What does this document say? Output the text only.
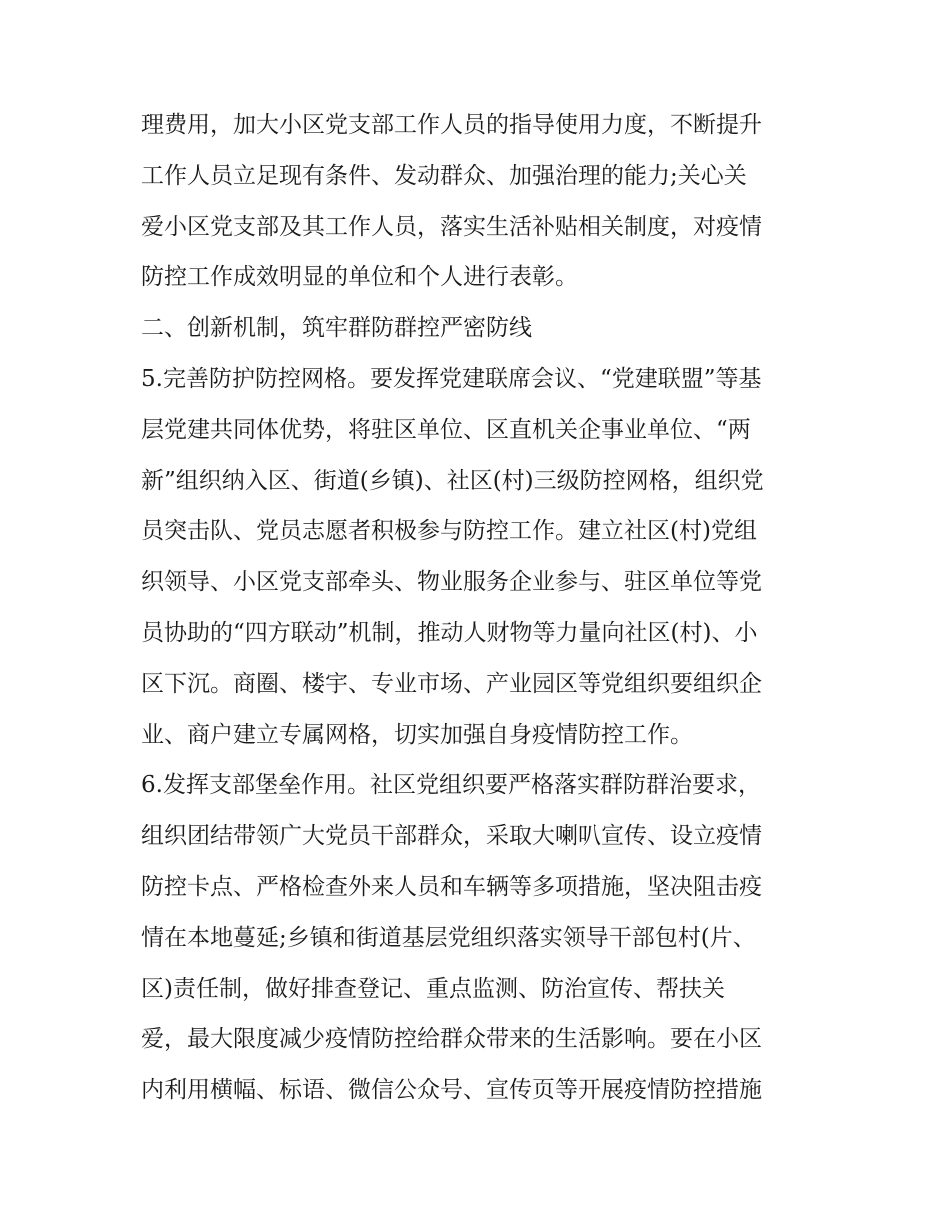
理费用，加大小区党支部工作人员的指导使用力度，不断提升
工作人员立足现有条件、发动群众、加强治理的能力;关心关
爱小区党支部及其工作人员，落实生活补贴相关制度，对疫情
防控工作成效明显的单位和个人进行表彰。
二、创新机制，筑牢群防群控严密防线
5.完善防护防控网格。要发挥党建联席会议、“党建联盟”等基
层党建共同体优势，将驻区单位、区直机关企事业单位、“两
新”组织纳入区、街道(乡镇)、社区(村)三级防控网格，组织党
员突击队、党员志愿者积极参与防控工作。建立社区(村)党组
织领导、小区党支部牵头、物业服务企业参与、驻区单位等党
员协助的“四方联动”机制，推动人财物等力量向社区(村)、小
区下沉。商圈、楼宇、专业市场、产业园区等党组织要组织企
业、商户建立专属网格，切实加强自身疫情防控工作。
6.发挥支部堡垒作用。社区党组织要严格落实群防群治要求，
组织团结带领广大党员干部群众，采取大喇叭宣传、设立疫情
防控卡点、严格检查外来人员和车辆等多项措施，坚决阻击疫
情在本地蔓延;乡镇和街道基层党组织落实领导干部包村(片、
区)责任制，做好排查登记、重点监测、防治宣传、帮扶关
爱，最大限度减少疫情防控给群众带来的生活影响。要在小区
内利用横幅、标语、微信公众号、宣传页等开展疫情防控措施
